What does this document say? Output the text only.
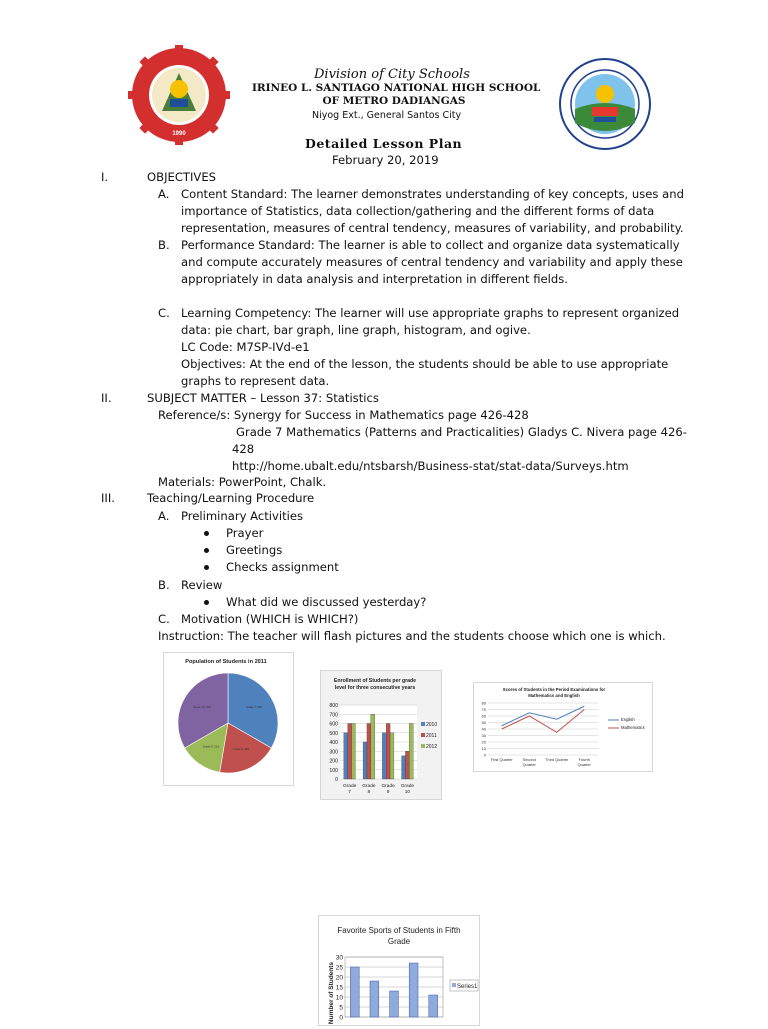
1990
Division of City Schools
IRINEO L. SANTIAGO NATIONAL HIGH SCHOOL
OF METRO DADIANGAS
Niyog Ext., General Santos City
Detailed Lesson Plan
February 20, 2019
I.	OBJECTIVES
A. Content Standard: The learner demonstrates understanding of key concepts, uses and
importance of Statistics, data collection/gathering and the different forms of data
representation, measures of central tendency, measures of variability, and probability.
B. Performance Standard: The learner is able to collect and organize data systematically
and compute accurately measures of central tendency and variability and apply these
appropriately in data analysis and interpretation in different fields.
C. Learning Competency: The learner will use appropriate graphs to represent organized
data: pie chart, bar graph, line graph, histogram, and ogive.
LC Code: M7SP-IVd-e1
Objectives: At the end of the lesson, the students should be able to use appropriate
graphs to represent data.
II.	SUBJECT MATTER – Lesson 37: Statistics
Reference/s: Synergy for Success in Mathematics page 426-428
Grade 7 Mathematics (Patterns and Practicalities) Gladys C. Nivera page 426-
428
http://home.ubalt.edu/ntsbarsh/Business-stat/stat-data/Surveys.htm
Materials: PowerPoint, Chalk.
III.	Teaching/Learning Procedure
A. Preliminary Activities
Prayer
Greetings
Checks assignment
B. Review
What did we discussed yesterday?
C. Motivation (WHICH is WHICH?)
Instruction: The teacher will flash pictures and the students choose which one is which.
Population of Students in 2011
Grade 7, 500
Grade 8, 290
Grade 9, 210
Grade 10, 500
Enrollment of Students per grade
level for three consecutive years
0
100
200
300
400
500
600
700
800
Grade
7
Grade
8
Grade
9
Grade
10
2010
2011
2012
Scores of Students in the Period Examinations for
Mathematics and English
0
10
20
30
40
50
60
70
80
First Quarter	Second
Quarter
Third Quarter	Fourth
Quarter
English
Mathematics
Favorite Sports of Students in Fifth
Grade
0
5
10
15
20
25
30
Number of Students	Series1
